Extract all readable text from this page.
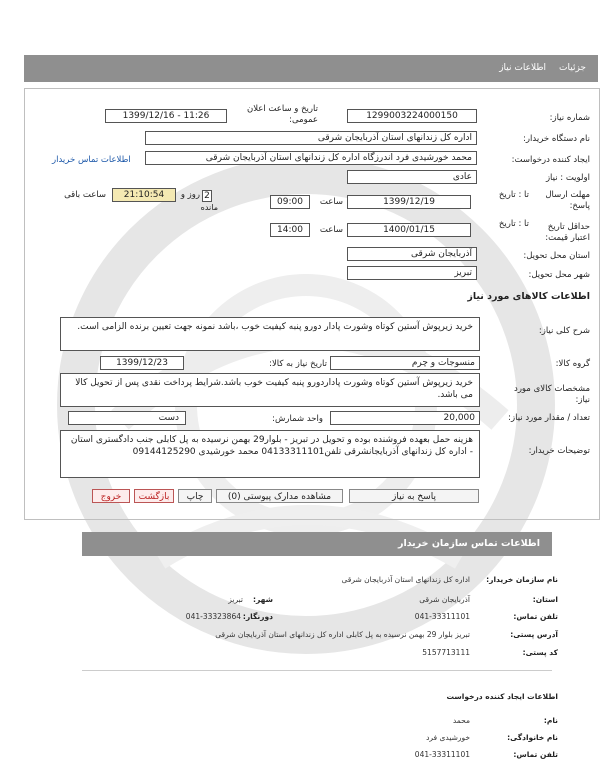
جزئیات
اطلاعات نیاز
شماره نیاز:
1299003224000150
تاریخ و ساعت اعلان عمومی:
1399/12/16 - 11:26
نام دستگاه خریدار:
اداره کل زندانهای استان آذربایجان شرقی
ایجاد کننده درخواست:
محمد خورشیدی فرد اندرزگاه اداره کل زندانهای استان آذربایجان شرقی
اطلاعات تماس خریدار
اولویت : نیاز
عادی
مهلت ارسال پاسخ:
تا : تاریخ
1399/12/19
ساعت
09:00
2
روز و
مانده
21:10:54
ساعت باقی
حداقل تاریخ اعتبار قیمت:
تا : تاریخ
1400/01/15
ساعت
14:00
استان محل تحویل:
آذربایجان شرقی
شهر محل تحویل:
تبریز
اطلاعات کالاهای مورد نیاز
شرح کلی نیاز:
خرید زیرپوش آستین کوتاه وشورت پادار دورو پنبه کیفیت خوب ،باشد نمونه جهت تعیین برنده الزامی است.
گروه کالا:
منسوجات و چرم
تاریخ نیاز به کالا:
1399/12/23
مشخصات کالای مورد نیاز:
خرید زیرپوش آستین کوتاه وشورت پاداردورو پنبه کیفیت خوب باشد.شرایط پرداخت نقدی پس از تحویل کالا می باشد.
تعداد / مقدار مورد نیاز:
20,000
واحد شمارش:
دست
توضیحات خریدار:
هزینه حمل بعهده فروشنده بوده و تحویل در تبریز - بلوار29 بهمن نرسیده به پل کابلی جنب دادگستری استان - اداره کل زندانهای آذربایجانشرقی تلفن04133311101 محمد خورشیدی 09144125290
پاسخ به نیاز
مشاهده مدارک پیوستی (0)
چاپ
بازگشت
خروج
اطلاعات تماس سازمان خریدار
نام سازمان خریدار:
اداره کل زندانهای استان آذربایجان شرقی
استان:
آذربایجان شرقی
شهر:
تبریز
تلفن تماس:
041-33311101
دورنگار:
041-33323864
آدرس پستی:
تبریز بلوار 29 بهمن نرسیده به پل کابلی اداره کل زندانهای استان آذربایجان شرقی
کد پستی:
5157713111
اطلاعات ایجاد کننده درخواست
نام:
محمد
نام خانوادگی:
خورشیدی فرد
تلفن تماس:
041-33311101
